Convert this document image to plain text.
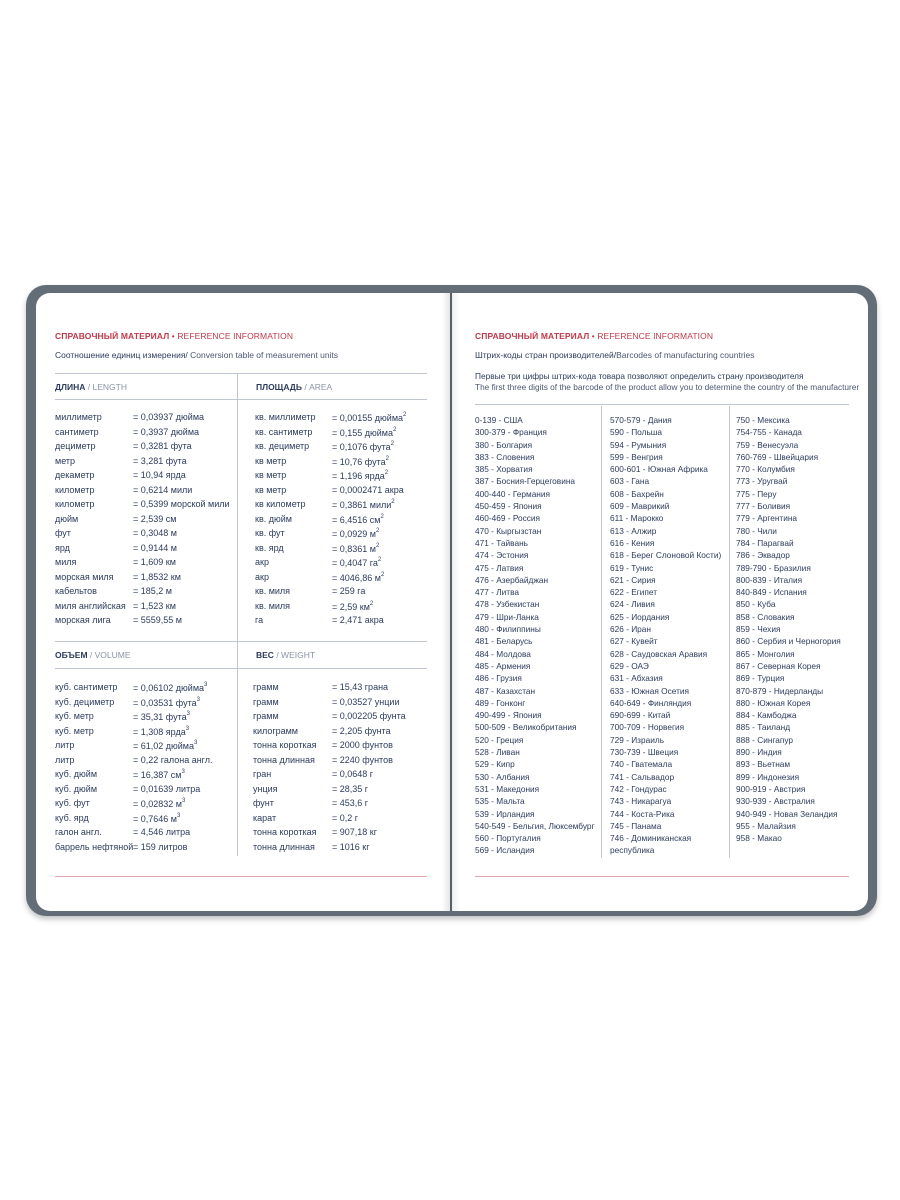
СПРАВОЧНЫЙ МАТЕРИАЛ • REFERENCE INFORMATION
Соотношение единиц измерения/ Conversion table of measurement units
ДЛИНА / LENGTH	ПЛОЩАДЬ / AREA
миллиметр	= 0,03937 дюйма
сантиметр	= 0,3937 дюйма
дециметр	= 0,3281 фута
метр	= 3,281 фута
декаметр	= 10,94 ярда
километр	= 0,6214 мили
километр	= 0,5399 морской мили
дюйм	= 2,539 см
фут	= 0,3048 м
ярд	= 0,9144 м
миля	= 1,609 км
морская миля = 1,8532 км
кабельтов	= 185,2 м
миля английская = 1,523 км
морская лига = 5559,55 м
кв. миллиметр = 0,00155 дюйма$^2$
кв. сантиметр = 0,155 дюйма$^2$
кв. дециметр	= 0,1076 фута$^2$
кв метр	= 10,76 фута$^2$
кв метр	= 1,196 ярда$^2$
кв метр	= 0,0002471 акра
кв километр	= 0,3861 мили$^2$
кв. дюйм	= 6,4516 $см^2$
кв. фут	= 0,0929 $м^2$
кв. ярд	= 0,8361 $м^2$
акр	= 0,4047 $га^2$
акр	= 4046,86 $м^2$
кв. миля	= 259 га
кв. миля	= 2,59 $км^2$
га	= 2,471 акра
ОБЪЕМ / VOLUME	ВЕС / WEIGHT
куб. сантиметр = 0,06102 дюйма$^3$
куб. дециметр = 0,03531 фута$^3$
куб. метр	= 35,31 фута$^3$
куб. метр	= 1,308 ярда$^3$
литр	= 61,02 дюйма$^3$
литр	= 0,22 галона англ.
куб. дюйм	= 16,387 $см^3$
куб. дюйм	= 0,01639 литра
куб. фут	= 0,02832 $м^3$
куб. ярд	= 0,7646 $м^3$
галон англ.	= 4,546 литра
баррель нефтяной = 159 литров
грамм	= 15,43 грана
грамм	= 0,03527 унции
грамм	= 0,002205 фунта
килограмм	= 2,205 фунта
тонна короткая = 2000 фунтов
тонна длинная = 2240 фунтов
гран	= 0,0648 г
унция	= 28,35 г
фунт	= 453,6 г
карат	= 0,2 г
тонна короткая = 907,18 кг
тонна длинная = 1016 кг
СПРАВОЧНЫЙ МАТЕРИАЛ • REFERENCE INFORMATION
Штрих-коды стран производителей/Barcodes of manufacturing countries
Первые три цифры штрих-кода товара позволяют определить страну производителя
The first three digits of the barcode of the product allow you to determine the country of the manufacturer
0-139 - США
300-379 - Франция
380 - Болгария
383 - Словения
385 - Хорватия
387 - Босния-Герцеговина
400-440 - Германия
450-459 - Япония
460-469 - Россия
470 - Кыргызстан
471 - Тайвань
474 - Эстония
475 - Латвия
476 - Азербайджан
477 - Литва
478 - Узбекистан
479 - Шри-Ланка
480 - Филиппины
481 - Беларусь
484 - Молдова
485 - Армения
486 - Грузия
487 - Казахстан
489 - Гонконг
490-499 - Япония
500-509 - Великобритания
520 - Греция
528 - Ливан
529 - Кипр
530 - Албания
531 - Македония
535 - Мальта
539 - Ирландия
540-549 - Бельгия, Люксембург
560 - Португалия
569 - Исландия
570-579 - Дания
590 - Польша
594 - Румыния
599 - Венгрия
600-601 - Южная Африка
603 - Гана
608 - Бахрейн
609 - Маврикий
611 - Марокко
613 - Алжир
616 - Кения
618 - Берег Слоновой Кости)
619 - Тунис
621 - Сирия
622 - Египет
624 - Ливия
625 - Иордания
626 - Иран
627 - Кувейт
628 - Саудовская Аравия
629 - ОАЭ
631 - Абхазия
633 - Южная Осетия
640-649 - Финляндия
690-699 - Китай
700-709 - Норвегия
729 - Израиль
730-739 - Швеция
740 - Гватемала
741 - Сальвадор
742 - Гондурас
743 - Никарагуа
744 - Коста-Рика
745 - Панама
746 - Доминиканская
республика
750 - Мексика
754-755 - Канада
759 - Венесуэла
760-769 - Швейцария
770 - Колумбия
773 - Уругвай
775 - Перу
777 - Боливия
779 - Аргентина
780 - Чили
784 - Парагвай
786 - Эквадор
789-790 - Бразилия
800-839 - Италия
840-849 - Испания
850 - Куба
858 - Словакия
859 - Чехия
860 - Сербия и Черногория
865 - Монголия
867 - Северная Корея
869 - Турция
870-879 - Нидерланды
880 - Южная Корея
884 - Камбоджа
885 - Таиланд
888 - Сингапур
890 - Индия
893 - Вьетнам
899 - Индонезия
900-919 - Австрия
930-939 - Австралия
940-949 - Новая Зеландия
955 - Малайзия
958 - Макао
